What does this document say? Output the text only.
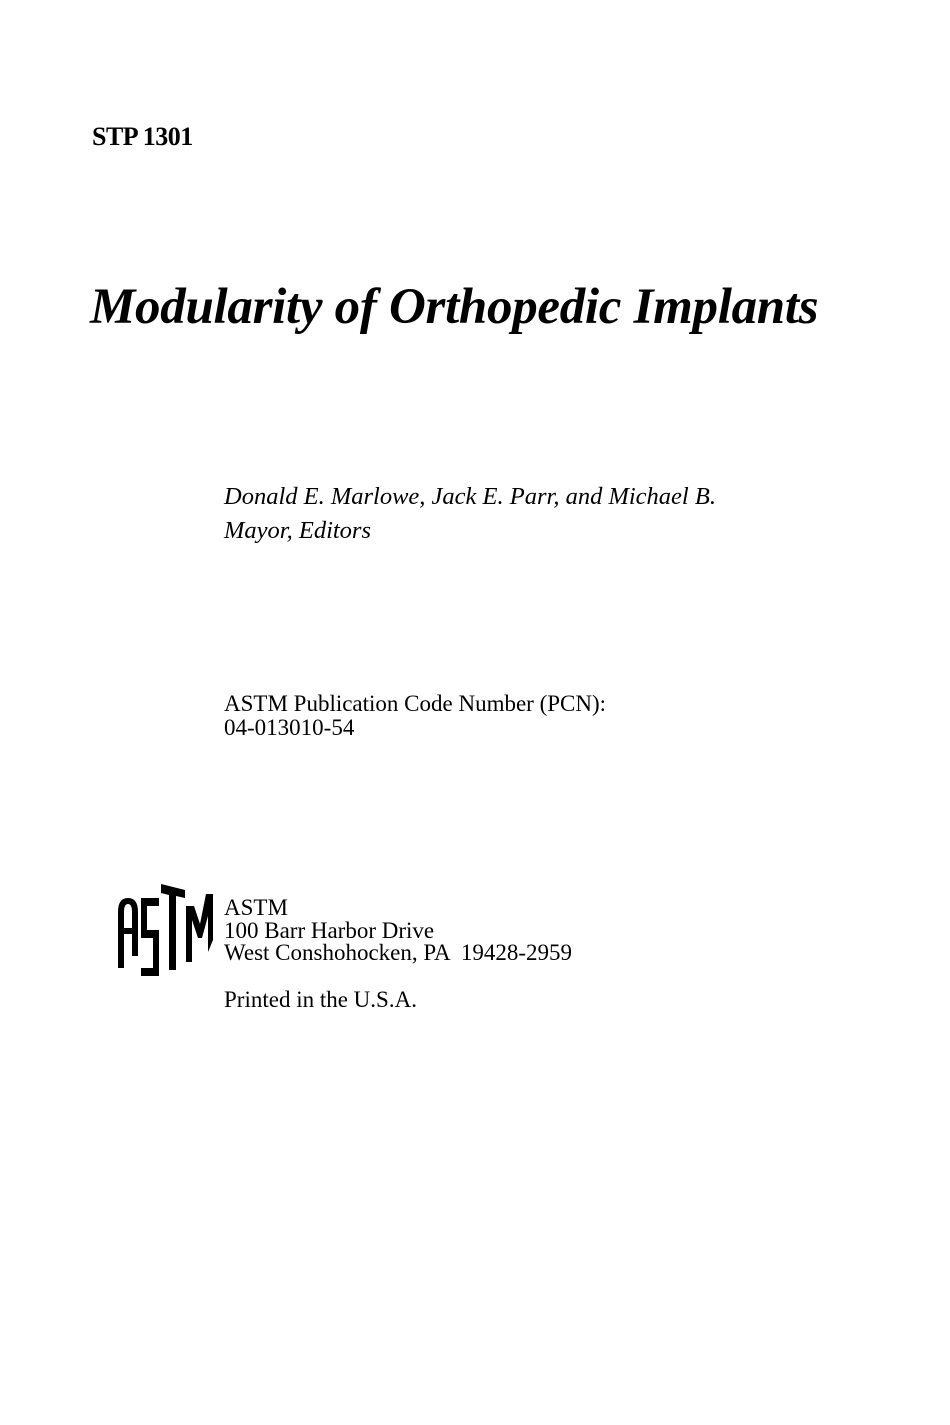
STP 1301
Modularity of Orthopedic Implants
Donald E. Marlowe, Jack E. Parr, and Michael B.
Mayor, Editors
ASTM Publication Code Number (PCN):
04-013010-54
ASTM
100 Barr Harbor Drive
West Conshohocken, PA  19428-2959
Printed in the U.S.A.
